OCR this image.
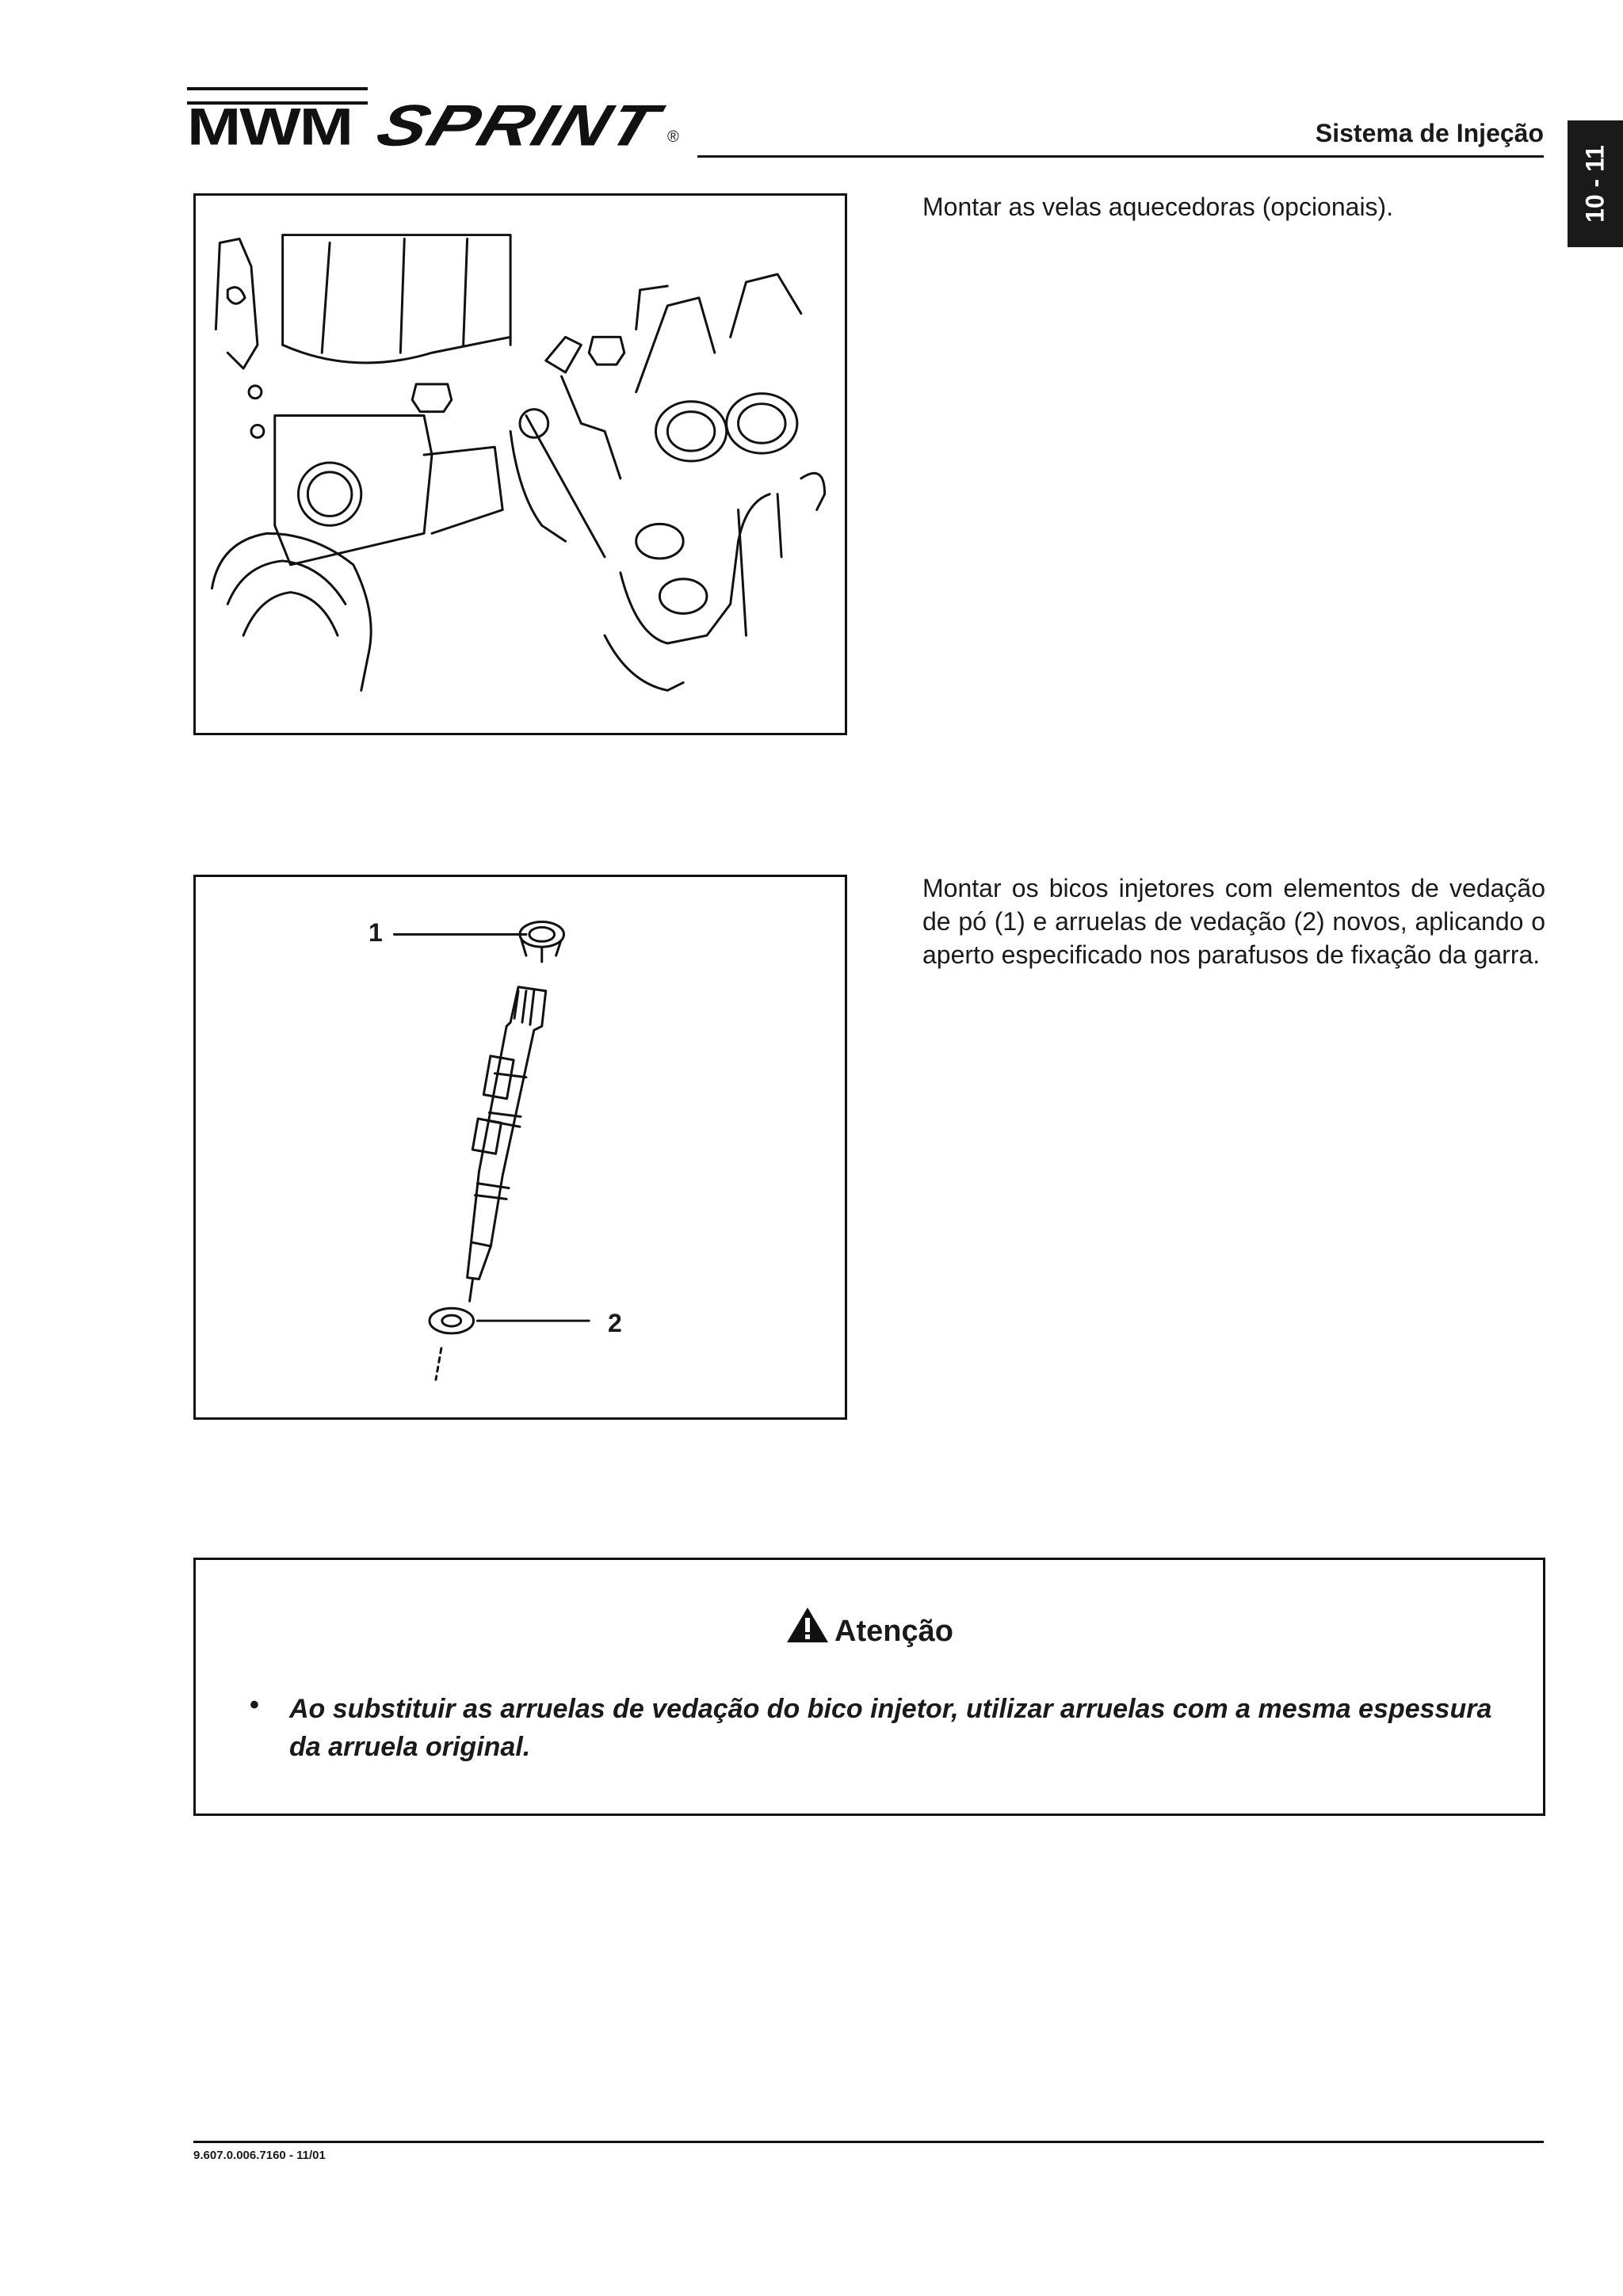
MWM SPRINT ®	Sistema de Injeção
10 - 11
Montar as velas aquecedoras (opcionais).
1
2
Montar os bicos injetores com elementos de vedação de pó (1) e arruelas de vedação (2) novos, aplicando o aperto especificado nos parafusos de fixação da garra.
Atenção
• Ao substituir as arruelas de vedação do bico injetor, utilizar arruelas com a mesma espessura da arruela original.
9.607.0.006.7160 - 11/01
